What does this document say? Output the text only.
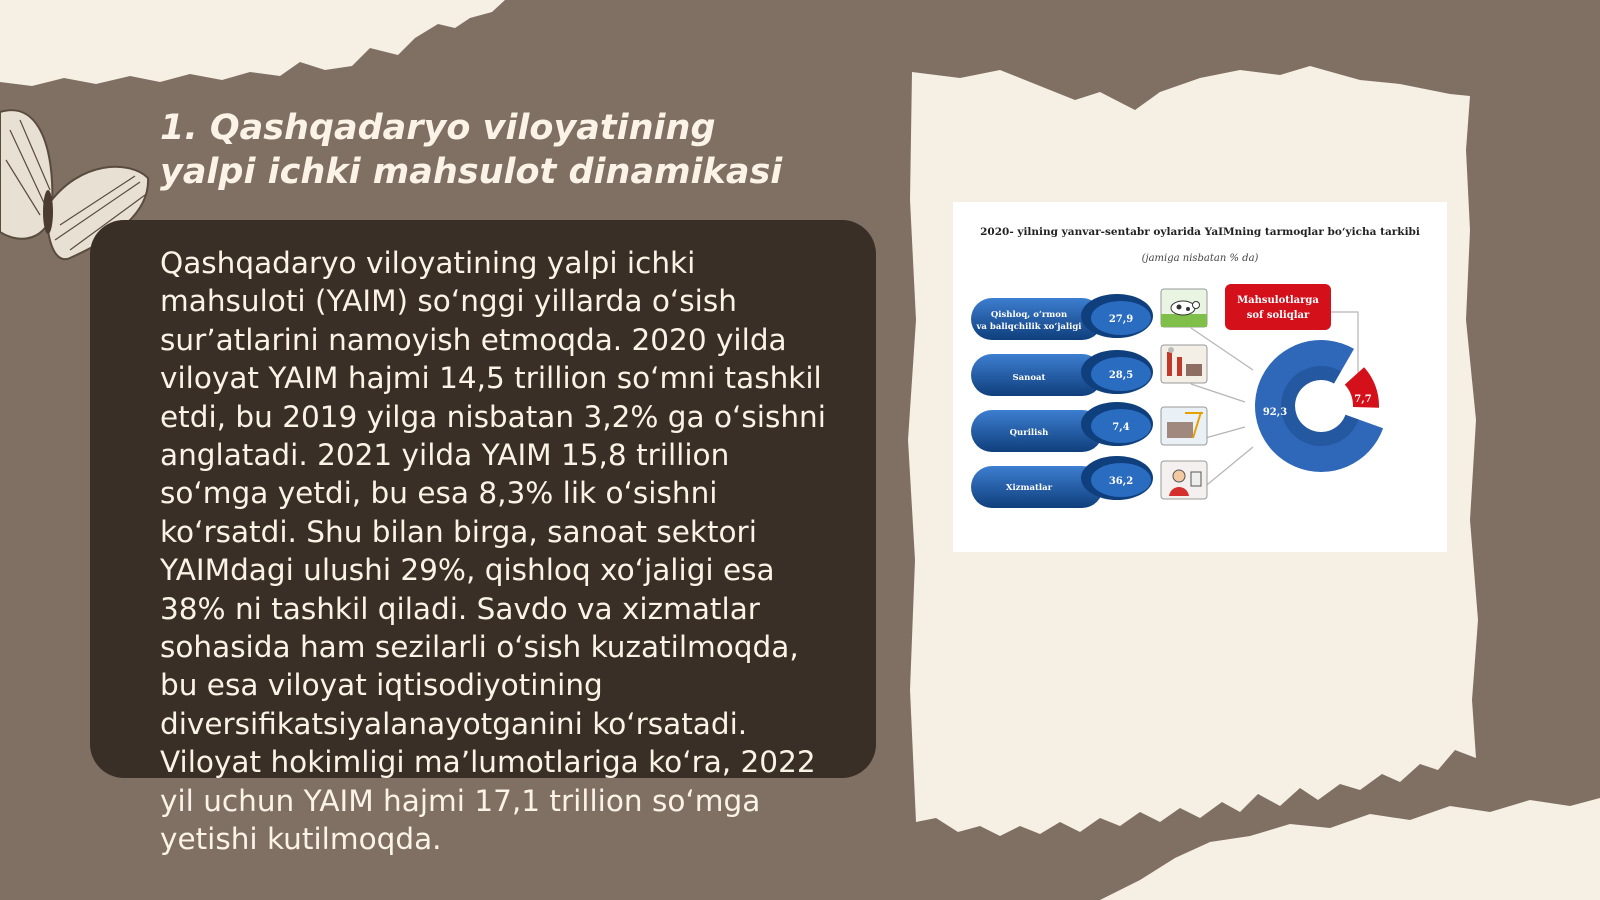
1. Qashqadaryo viloyatining yalpi ichki mahsulot dinamikasi

Qashqadaryo viloyatining yalpi ichki mahsuloti (YAIM) so‘nggi yillarda o‘sish sur’atlarini namoyish etmoqda. 2020 yilda viloyat YAIM hajmi 14,5 trillion so‘mni tashkil etdi, bu 2019 yilga nisbatan 3,2% ga o‘sishni anglatadi. 2021 yilda YAIM 15,8 trillion so‘mga yetdi, bu esa 8,3% lik o‘sishni ko‘rsatdi. Shu bilan birga, sanoat sektori YAIMdagi ulushi 29%, qishloq xo‘jaligi esa 38% ni tashkil qiladi. Savdo va xizmatlar sohasida ham sezilarli o‘sish kuzatilmoqda, bu esa viloyat iqtisodiyotining diversifikatsiyalanayotganini ko‘rsatadi. Viloyat hokimligi ma’lumotlariga ko‘ra, 2022 yil uchun YAIM hajmi 17,1 trillion so‘mga yetishi kutilmoqda.

2020- yilning yanvar-sentabr oylarida YaIMning tarmoqlar bo‘yicha tarkibi
(jamiga nisbatan % da)
Qishloq, o‘rmon
va baliqchilik xo‘jaligi
27,9
Sanoat	28,5
Qurilish	7,4
Xizmatlar
36,2
Mahsulotlarga
sof soliqlar
92,3
7,7
